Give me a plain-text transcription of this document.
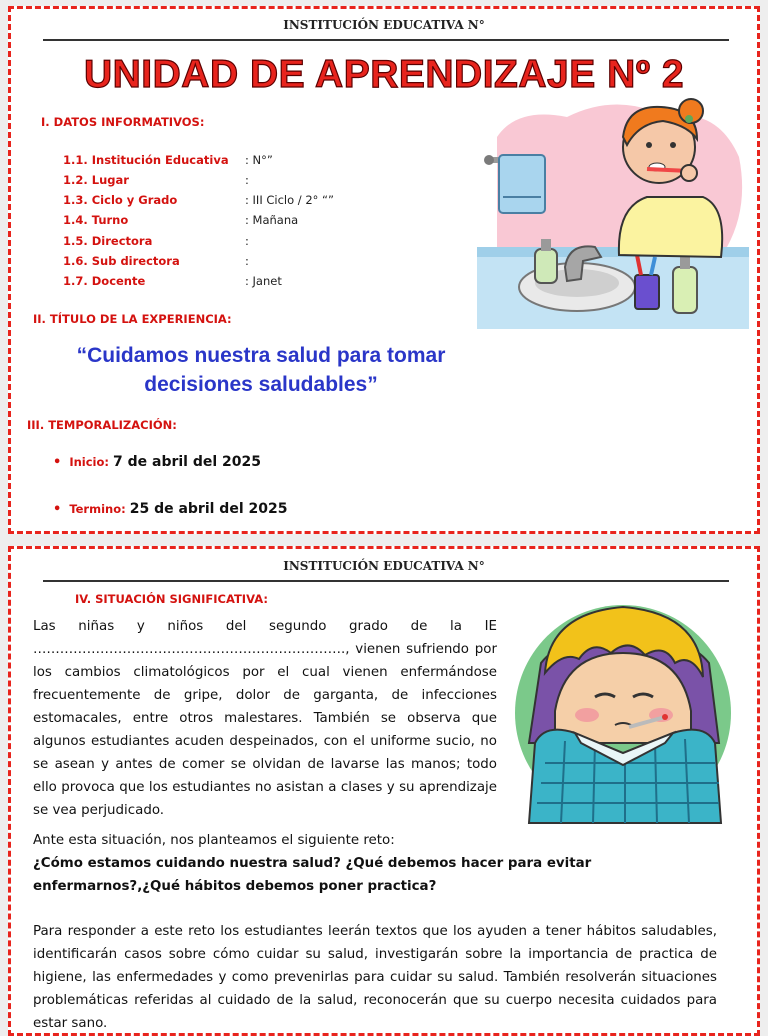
INSTITUCIÓN EDUCATIVA N°
UNIDAD DE APRENDIZAJE Nº 2
I. DATOS INFORMATIVOS:
1.1. Institución Educativa : N°”
1.2. Lugar	:
1.3. Ciclo y Grado	: III Ciclo / 2° “”
1.4. Turno	: Mañana
1.5. Directora	:
1.6. Sub directora	:
1.7. Docente	: Janet
II. TÍTULO DE LA EXPERIENCIA:
“Cuidamos nuestra salud para tomar decisiones saludables”
III. TEMPORALIZACIÓN:
• Inicio: 7 de abril del 2025
• Termino: 25 de abril del 2025
INSTITUCIÓN EDUCATIVA N°
IV. SITUACIÓN SIGNIFICATIVA:
Las niñas y niños del segundo grado de la IE ……………………………………………………………., vienen sufriendo por los cambios climatológicos por el cual vienen enfermándose frecuentemente de gripe, dolor de garganta, de infecciones estomacales, entre otros malestares. También se observa que algunos estudiantes acuden despeinados, con el uniforme sucio, no se asean y antes de comer se olvidan de lavarse las manos; todo ello provoca que los estudiantes no asistan a clases y su aprendizaje se vea perjudicado.
Ante esta situación, nos planteamos el siguiente reto:
¿Cómo estamos cuidando nuestra salud? ¿Qué debemos hacer para evitar enfermarnos?,¿Qué hábitos debemos poner practica?
Para responder a este reto los estudiantes leerán textos que los ayuden a tener hábitos saludables, identificarán casos sobre cómo cuidar su salud, investigarán sobre la importancia de practica de higiene, las enfermedades y como prevenirlas para cuidar su salud. También resolverán situaciones problemáticas referidas al cuidado de la salud, reconocerán que su cuerpo necesita cuidados para estar sano.
